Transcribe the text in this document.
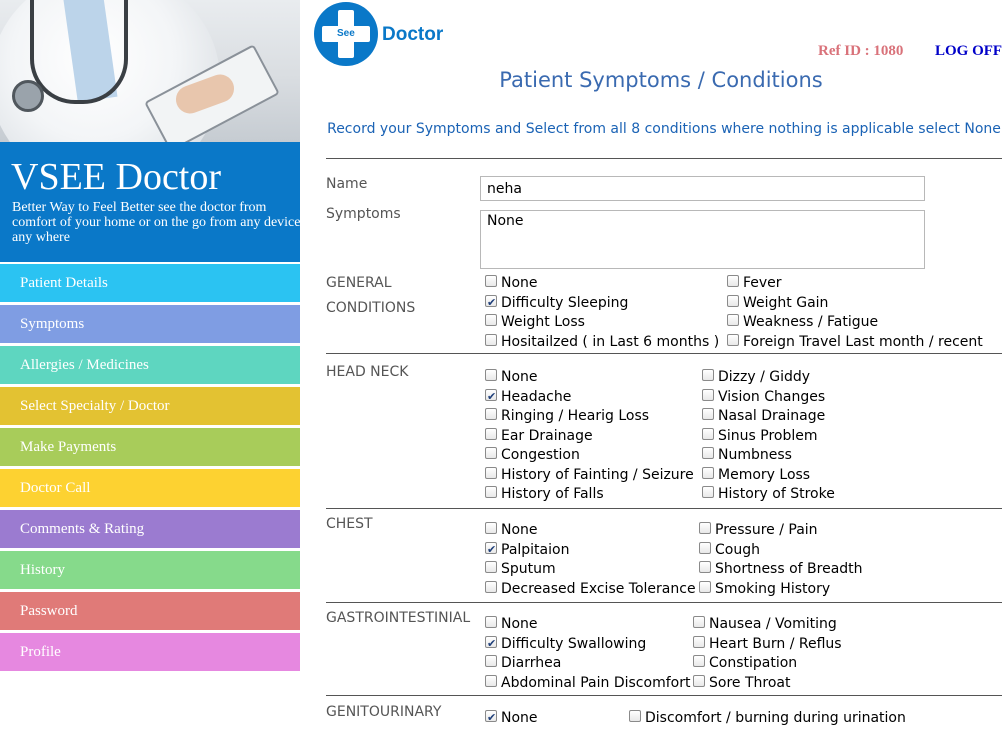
VSEE Doctor
Better Way to Feel Better see the doctor from comfort of your home or on the go from any device any where
Patient Details
Symptoms
Allergies / Medicines
Select Specialty / Doctor
Make Payments
Doctor Call
Comments & Rating
History
Password
Profile
See Doctor
Ref ID : 1080 LOG OFF
Patient Symptoms / Conditions
Record your Symptoms and Select from all 8 conditions where nothing is applicable select None
Name
neha
Symptoms
None
GENERAL
CONDITIONS
None
✔
Difficulty Sleeping
Weight Loss
Hositailzed ( in Last 6 months )
Fever
Weight Gain
Weakness / Fatigue
Foreign Travel Last month / recent
HEAD NECK	None
✔
Headache
Ringing / Hearig Loss
Ear Drainage
Congestion
History of Fainting / Seizure
History of Falls
Dizzy / Giddy
Vision Changes
Nasal Drainage
Sinus Problem
Numbness
Memory Loss
History of Stroke
CHEST	None
✔
Palpitaion
Sputum
Decreased Excise Tolerance
Pressure / Pain
Cough
Shortness of Breadth
Smoking History
GASTROINTESTINIAL None
✔
Difficulty Swallowing
Diarrhea
Abdominal Pain Discomfort
Nausea / Vomiting
Heart Burn / Reflus
Constipation
Sore Throat
GENITOURINARY
✔	None	Discomfort / burning during urination
